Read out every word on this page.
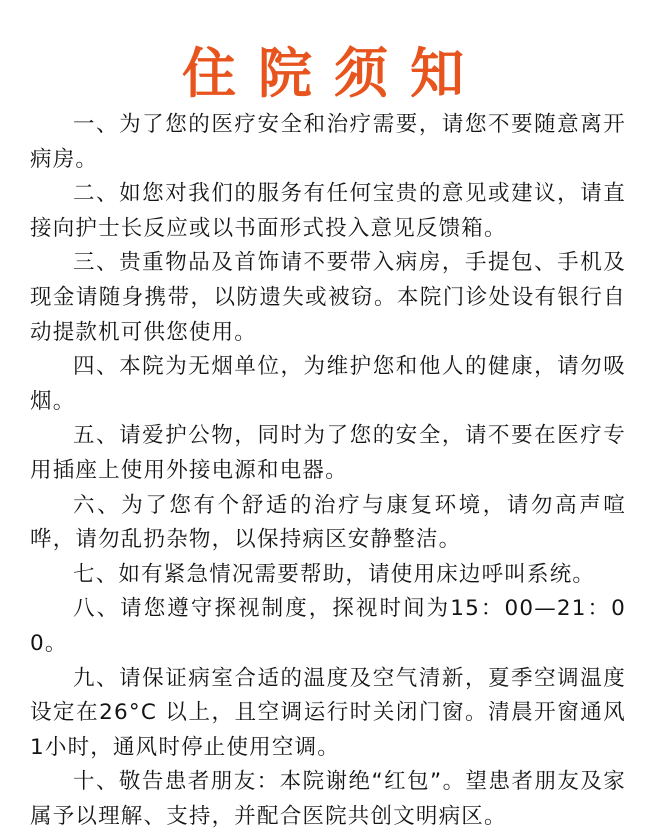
住院须知

一、为了您的医疗安全和治疗需要，请您不要随意离开病房。

二、如您对我们的服务有任何宝贵的意见或建议，请直接向护士长反应或以书面形式投入意见反馈箱。

三、贵重物品及首饰请不要带入病房，手提包、手机及现金请随身携带，以防遗失或被窃。本院门诊处设有银行自动提款机可供您使用。

四、本院为无烟单位，为维护您和他人的健康，请勿吸烟。

五、请爱护公物，同时为了您的安全，请不要在医疗专用插座上使用外接电源和电器。

六、为了您有个舒适的治疗与康复环境，请勿高声喧哗，请勿乱扔杂物，以保持病区安静整洁。

七、如有紧急情况需要帮助，请使用床边呼叫系统。

八、请您遵守探视制度，探视时间为15：00—21：00。

九、请保证病室合适的温度及空气清新，夏季空调温度设定在26°C 以上，且空调运行时关闭门窗。清晨开窗通风1小时，通风时停止使用空调。

十、敬告患者朋友：本院谢绝“红包”。望患者朋友及家属予以理解、支持，并配合医院共创文明病区。
